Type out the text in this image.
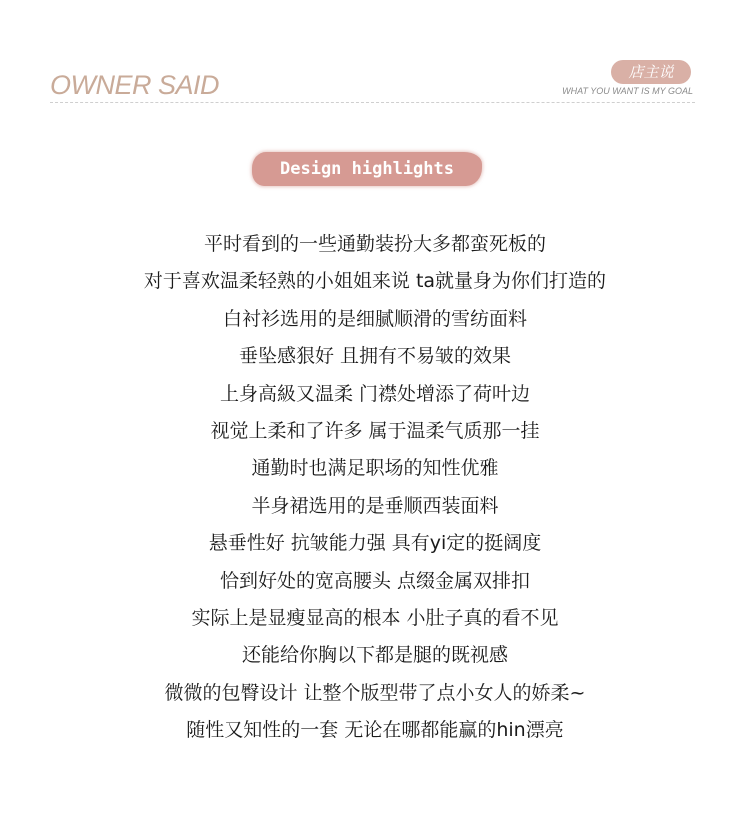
OWNER SAID	店主说
WHAT YOU WANT IS MY GOAL
Design highlights
平时看到的一些通勤装扮大多都蛮死板的
对于喜欢温柔轻熟的小姐姐来说 ta就量身为你们打造的
白衬衫选用的是细腻顺滑的雪纺面料
垂坠感狠好 且拥有不易皱的效果
上身高級又温柔 门襟处增添了荷叶边
视觉上柔和了许多 属于温柔气质那一挂
通勤时也满足职场的知性优雅
半身裙选用的是垂顺西装面料
悬垂性好 抗皱能力强 具有yi定的挺阔度
恰到好处的宽高腰头 点缀金属双排扣
实际上是显瘦显高的根本 小肚子真的看不见
还能给你胸以下都是腿的既视感
微微的包臀设计 让整个版型带了点小女人的娇柔~
随性又知性的一套 无论在哪都能赢的hin漂亮
